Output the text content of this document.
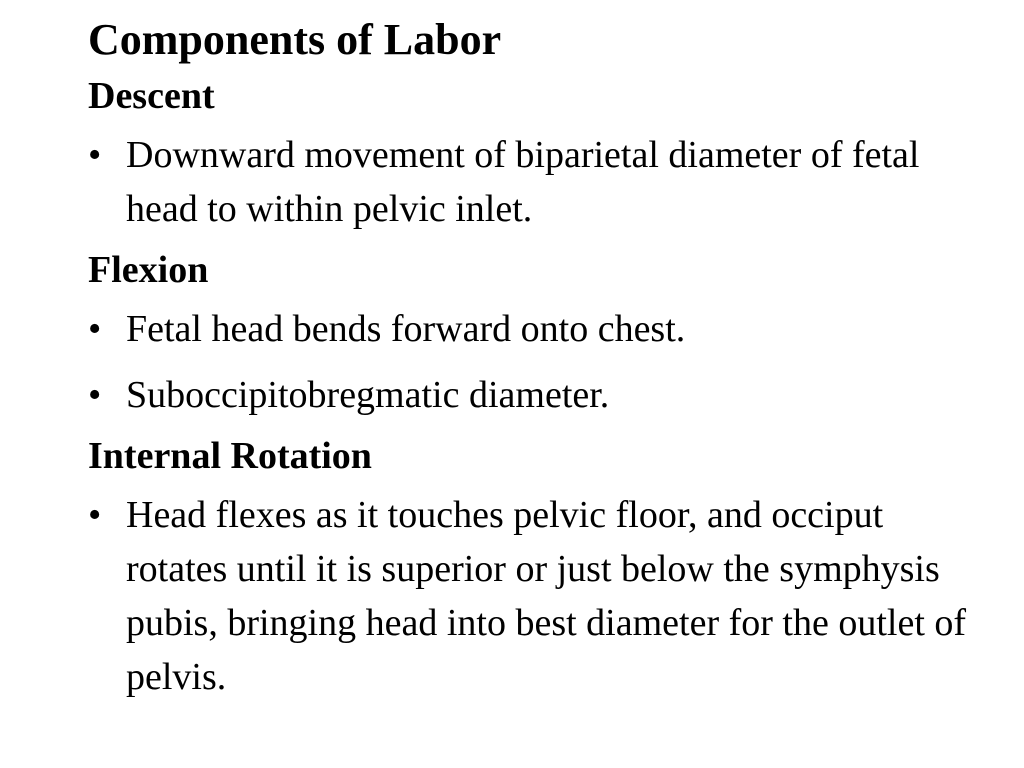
Components of Labor
Descent
• Downward movement of biparietal diameter of fetal head to within pelvic inlet.
Flexion
• Fetal head bends forward onto chest.
• Suboccipitobregmatic diameter.
Internal Rotation
• Head flexes as it touches pelvic floor, and occiput rotates until it is superior or just below the symphysis pubis, bringing head into best diameter for the outlet of pelvis.
